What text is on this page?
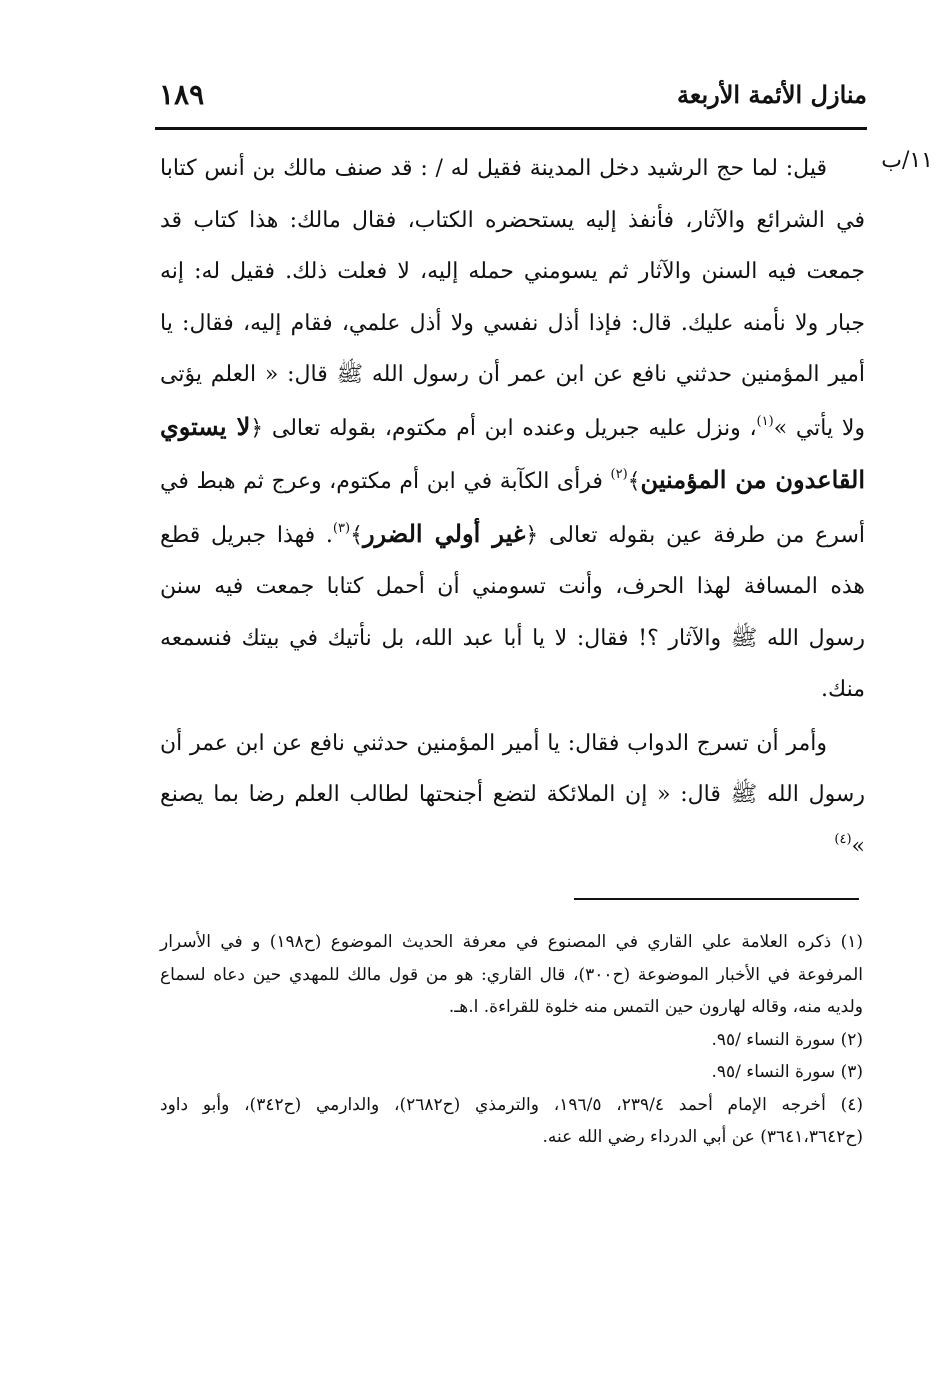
منازل الأئمة الأربعة
١٨٩
١١/ب

قيل: لما حج الرشيد دخل المدينة فقيل له / : قد صنف مالك بن أنس كتابا في الشرائع والآثار، فأنفذ إليه يستحضره الكتاب، فقال مالك: هذا كتاب قد جمعت فيه السنن والآثار ثم يسومني حمله إليه، لا فعلت ذلك. فقيل له: إنه جبار ولا نأمنه عليك. قال: فإذا أذل نفسي ولا أذل علمي، فقام إليه، فقال: يا أمير المؤمنين حدثني نافع عن ابن عمر أن رسول الله ﷺ قال: « العلم يؤتى ولا يأتي »$^{(١)}$، ونزل عليه جبريل وعنده ابن أم مكتوم، بقوله تعالى ﴿لا يستوي القاعدون من المؤمنين﴾$^{(٢)}$ فرأى الكآبة في ابن أم مكتوم، وعرج ثم هبط في أسرع من طرفة عين بقوله تعالى ﴿غير أولي الضرر﴾$^{(٣)}$. فهذا جبريل قطع هذه المسافة لهذا الحرف، وأنت تسومني أن أحمل كتابا جمعت فيه سنن رسول الله ﷺ والآثار ؟! فقال: لا يا أبا عبد الله، بل نأتيك في بيتك فنسمعه منك.

وأمر أن تسرج الدواب فقال: يا أمير المؤمنين حدثني نافع عن ابن عمر أن رسول الله ﷺ قال: « إن الملائكة لتضع أجنحتها لطالب العلم رضا بما يصنع »$^{(٤)}$

(١) ذكره العلامة علي القاري في المصنوع في معرفة الحديث الموضوع (ح١٩٨) و في الأسرار المرفوعة في الأخبار الموضوعة (ح٣٠٠)، قال القاري: هو من قول مالك للمهدي حين دعاه لسماع ولديه منه، وقاله لهارون حين التمس منه خلوة للقراءة. ا.هـ.

(٢) سورة النساء /٩٥.

(٣) سورة النساء /٩٥.

(٤) أخرجه الإمام أحمد ٢٣٩/٤، ١٩٦/٥، والترمذي (ح٢٦٨٢)، والدارمي (ح٣٤٢)، وأبو داود (ح٣٦٤١،٣٦٤٢) عن أبي الدرداء رضي الله عنه.
